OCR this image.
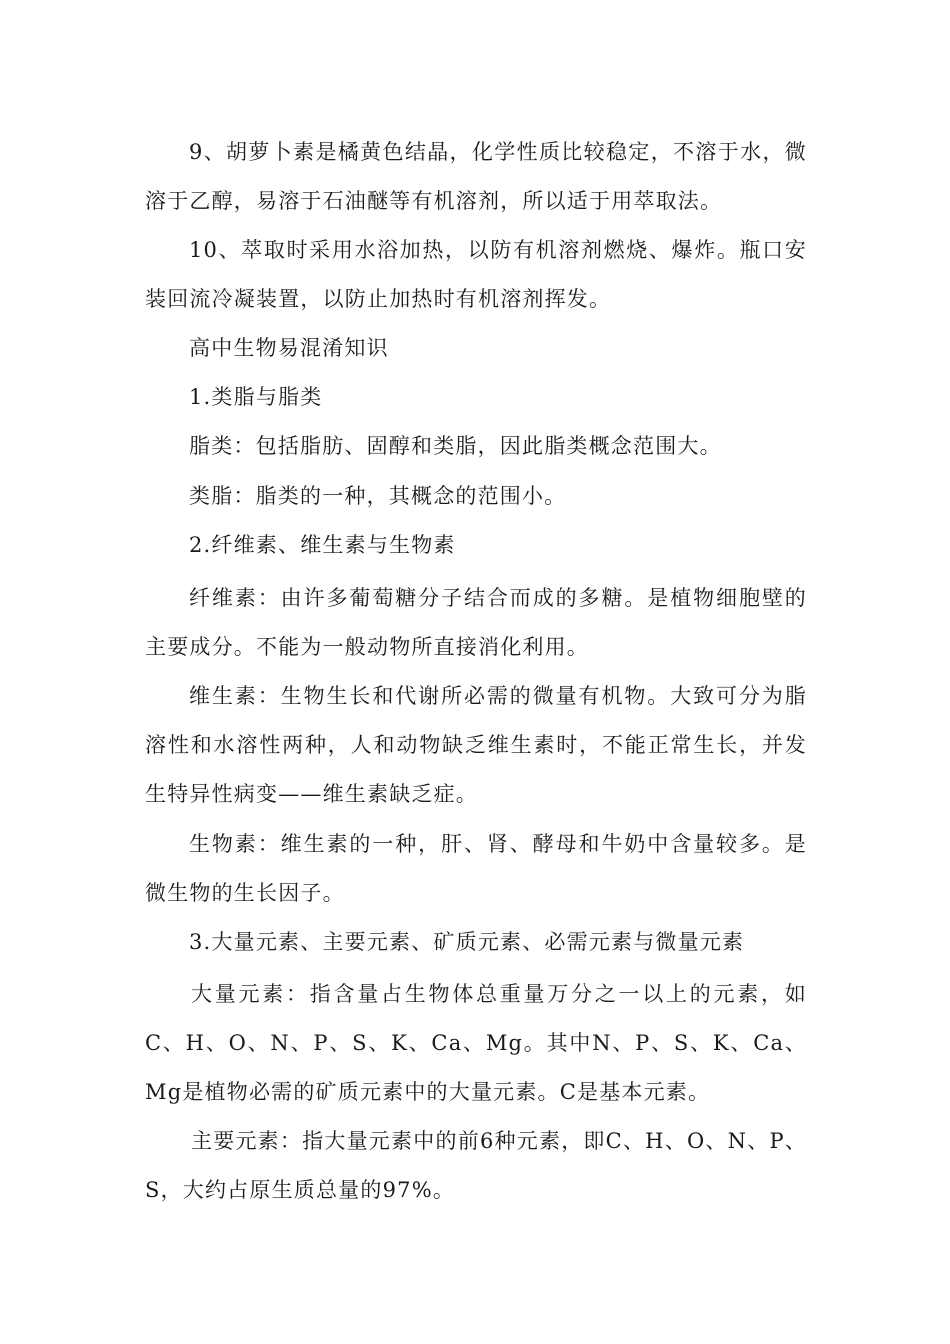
9、胡萝卜素是橘黄色结晶，化学性质比较稳定，不溶于水，微溶于乙醇，易溶于石油醚等有机溶剂，所以适于用萃取法。

10、萃取时采用水浴加热，以防有机溶剂燃烧、爆炸。瓶口安装回流冷凝装置，以防止加热时有机溶剂挥发。

高中生物易混淆知识

1.类脂与脂类

脂类：包括脂肪、固醇和类脂，因此脂类概念范围大。

类脂：脂类的一种，其概念的范围小。

2.纤维素、维生素与生物素

纤维素：由许多葡萄糖分子结合而成的多糖。是植物细胞壁的主要成分。不能为一般动物所直接消化利用。

维生素：生物生长和代谢所必需的微量有机物。大致可分为脂溶性和水溶性两种，人和动物缺乏维生素时，不能正常生长，并发生特异性病变——维生素缺乏症。

生物素：维生素的一种，肝、肾、酵母和牛奶中含量较多。是微生物的生长因子。

3.大量元素、主要元素、矿质元素、必需元素与微量元素

大量元素：指含量占生物体总重量万分之一以上的元素，如C、H、O、N、P、S、K、Ca、Mg。其中N、P、S、K、Ca、Mg是植物必需的矿质元素中的大量元素。C是基本元素。

主要元素：指大量元素中的前6种元素，即C、H、O、N、P、S，大约占原生质总量的97%。
